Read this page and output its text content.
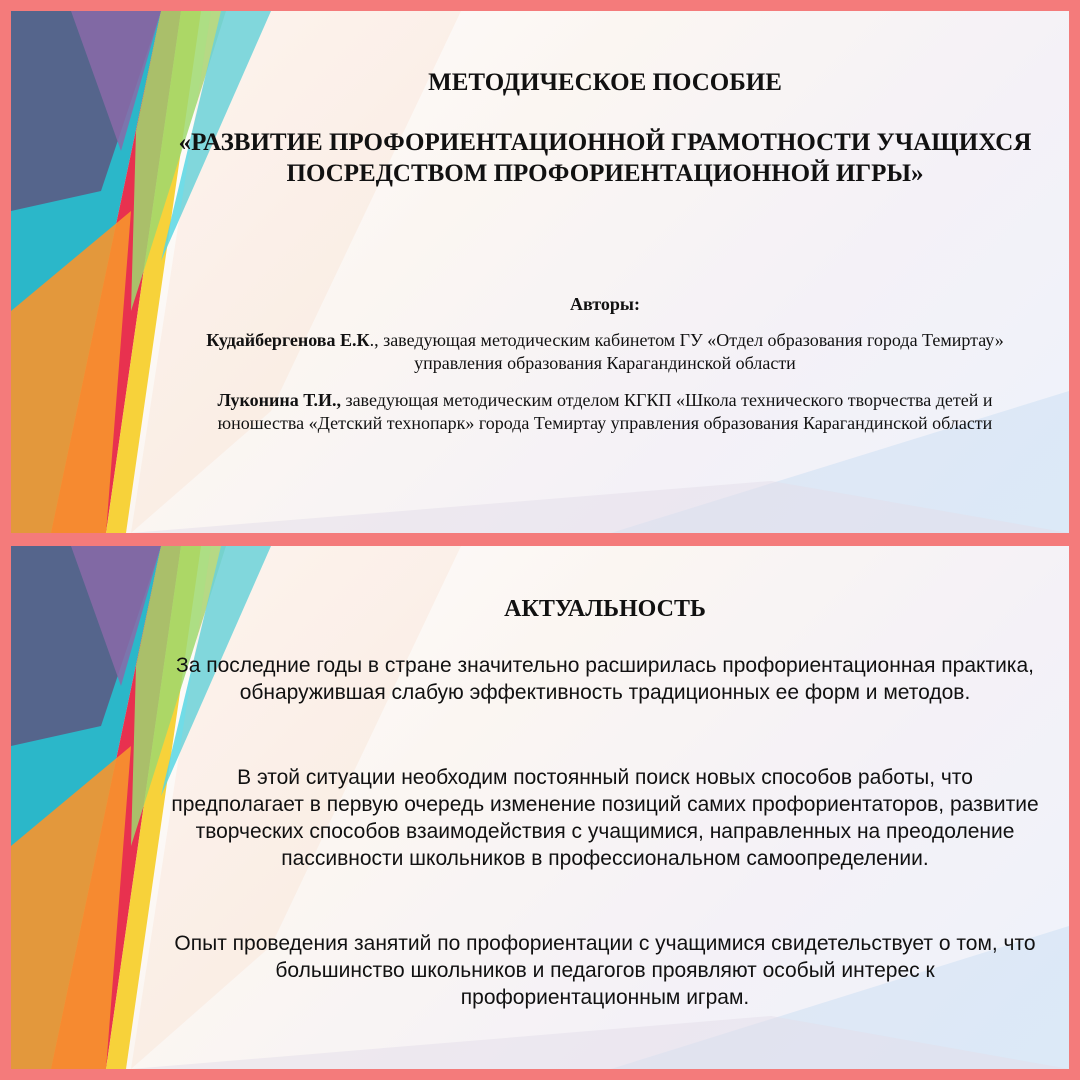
МЕТОДИЧЕСКОЕ ПОСОБИЕ
«РАЗВИТИЕ ПРОФОРИЕНТАЦИОННОЙ ГРАМОТНОСТИ УЧАЩИХСЯ ПОСРЕДСТВОМ ПРОФОРИЕНТАЦИОННОЙ ИГРЫ»
Авторы:
Кудайбергенова Е.К., заведующая методическим кабинетом ГУ «Отдел образования города Темиртау» управления образования Карагандинской области
Луконина Т.И., заведующая методическим отделом КГКП «Школа технического творчества детей и юношества «Детский технопарк» города Темиртау управления образования Карагандинской области
АКТУАЛЬНОСТЬ
За последние годы в стране значительно расширилась профориентационная практика, обнаружившая слабую эффективность традиционных ее форм и методов.
В этой ситуации необходим постоянный поиск новых способов работы, что предполагает в первую очередь изменение позиций самих профориентаторов, развитие творческих способов взаимодействия с учащимися, направленных на преодоление пассивности школьников в профессиональном самоопределении.
Опыт проведения занятий по профориентации с учащимися свидетельствует о том, что большинство школьников и педагогов проявляют особый интерес к профориентационным играм.
